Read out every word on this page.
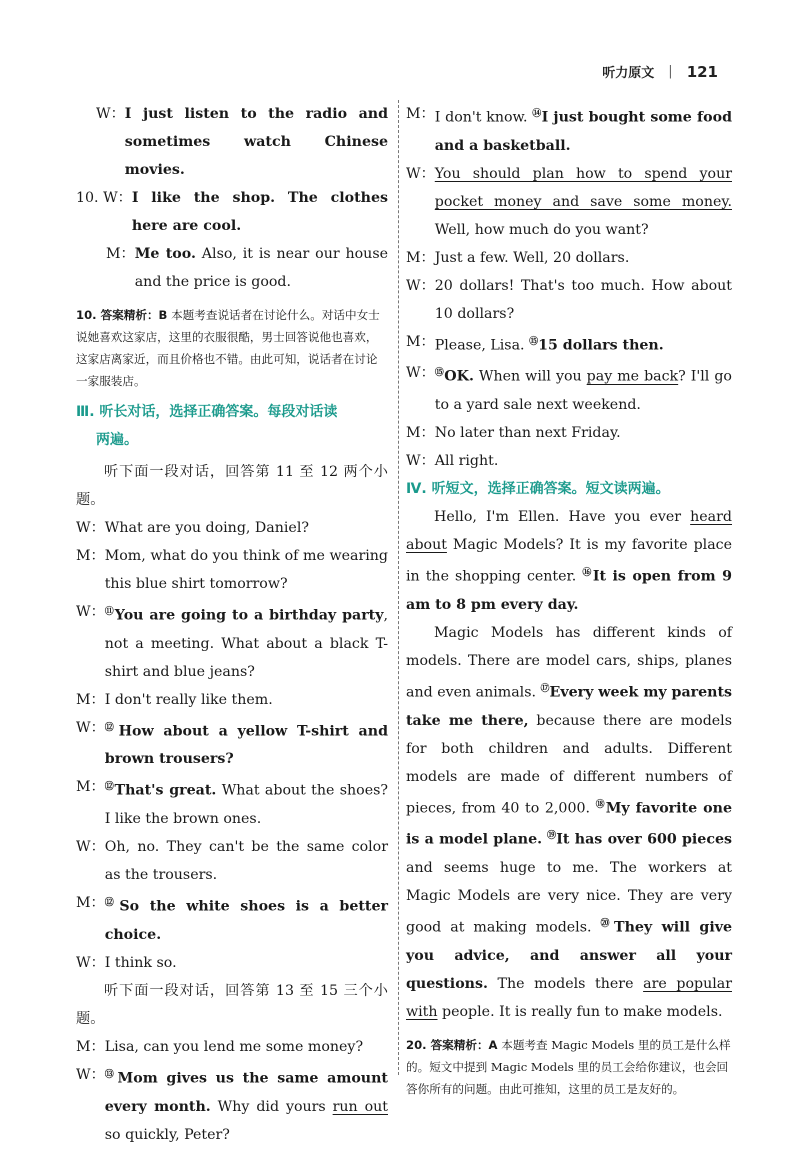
听力原文 | 121
W： I just listen to the radio and sometimes watch Chinese movies.
10. W： I like the shop. The clothes here are cool.
M： Me too. Also, it is near our house and the price is good.
10. 答案精析：B 本题考查说话者在讨论什么。对话中女士说她喜欢这家店，这里的衣服很酷，男士回答说他也喜欢，这家店离家近，而且价格也不错。由此可知，说话者在讨论一家服装店。
Ⅲ. 听长对话，选择正确答案。每段对话读
两遍。
听下面一段对话，回答第 11 至 12 两个小题。
W： What are you doing, Daniel?
M： Mom, what do you think of me wearing this blue shirt tomorrow?
W： ⑪You are going to a birthday party, not a meeting. What about a black T-shirt and blue jeans?
M： I don't really like them.
W： ⑫How about a yellow T-shirt and brown trousers?
M： ⑫That's great. What about the shoes? I like the brown ones.
W： Oh, no. They can't be the same color as the trousers.
M： ⑫So the white shoes is a better choice.
W： I think so.
听下面一段对话，回答第 13 至 15 三个小题。
M： Lisa, can you lend me some money?
W： ⑬Mom gives us the same amount every month. Why did yours run out so quickly, Peter?
M： I don't know. ⑭I just bought some food and a basketball.
W： You should plan how to spend your pocket money and save some money. Well, how much do you want?
M： Just a few. Well, 20 dollars.
W： 20 dollars! That's too much. How about 10 dollars?
M： Please, Lisa. ⑮15 dollars then.
W： ⑮OK. When will you pay me back? I'll go to a yard sale next weekend.
M： No later than next Friday.
W： All right.
Ⅳ. 听短文，选择正确答案。短文读两遍。

Hello, I'm Ellen. Have you ever heard about Magic Models? It is my favorite place in the shopping center. ⑯It is open from 9 am to 8 pm every day.

Magic Models has different kinds of models. There are model cars, ships, planes and even animals. ⑰Every week my parents take me there, because there are models for both children and adults. Different models are made of different numbers of pieces, from 40 to 2,000. ⑱My favorite one is a model plane. ⑲It has over 600 pieces and seems huge to me. The workers at Magic Models are very nice. They are very good at making models. ⑳They will give you advice, and answer all your questions. The models there are popular with people. It is really fun to make models.

20. 答案精析：A 本题考查 Magic Models 里的员工是什么样的。短文中提到 Magic Models 里的员工会给你建议，也会回答你所有的问题。由此可推知，这里的员工是友好的。
